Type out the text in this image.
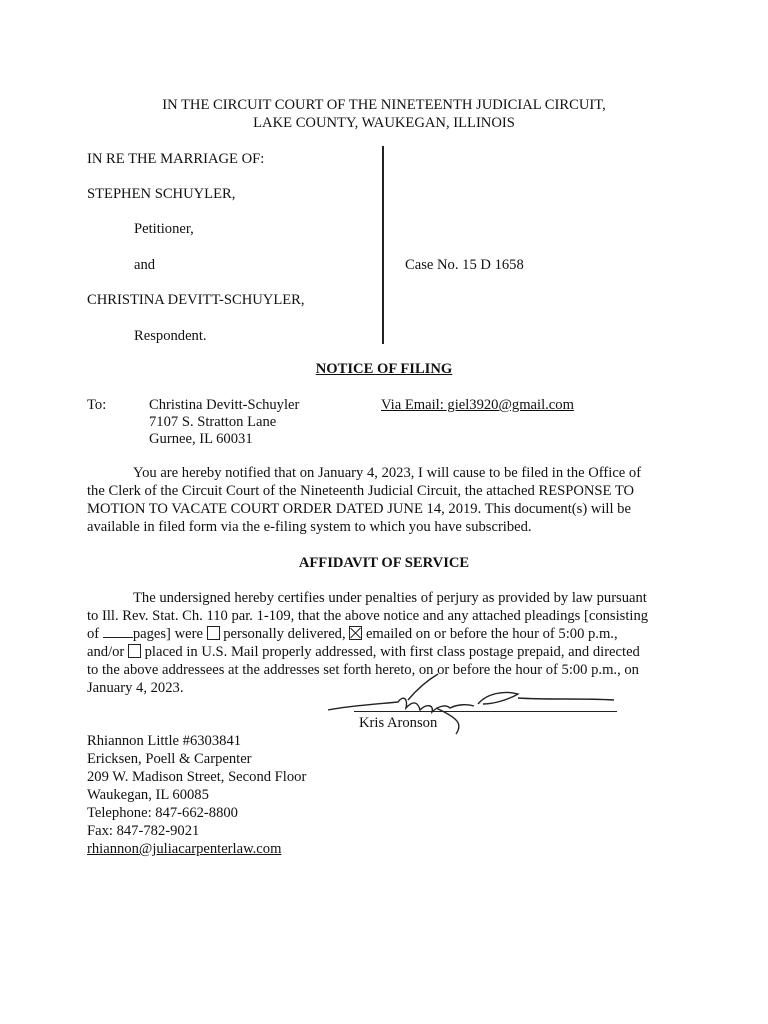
IN THE CIRCUIT COURT OF THE NINETEENTH JUDICIAL CIRCUIT,
LAKE COUNTY, WAUKEGAN, ILLINOIS
IN RE THE MARRIAGE OF:
STEPHEN SCHUYLER,
Petitioner,
and
CHRISTINA DEVITT-SCHUYLER,
Respondent.
Case No. 15 D 1658
NOTICE OF FILING
To:	Christina Devitt-Schuyler
7107 S. Stratton Lane
Gurnee, IL 60031
Via Email: giel3920@gmail.com

You are hereby notified that on January 4, 2023, I will cause to be filed in the Office of

the Clerk of the Circuit Court of the Nineteenth Judicial Circuit, the attached RESPONSE TO

MOTION TO VACATE COURT ORDER DATED JUNE 14, 2019. This document(s) will be

available in filed form via the e-filing system to which you have subscribed.

AFFIDAVIT OF SERVICE

The undersigned hereby certifies under penalties of perjury as provided by law pursuant

to Ill. Rev. Stat. Ch. 110 par. 1-109, that the above notice and any attached pleadings [consisting

of pages] were personally delivered, emailed on or before the hour of 5:00 p.m.,

and/or placed in U.S. Mail properly addressed, with first class postage prepaid, and directed

to the above addressees at the addresses set forth hereto, on or before the hour of 5:00 p.m., on

January 4, 2023.

Kris Aronson
Rhiannon Little #6303841
Ericksen, Poell & Carpenter
209 W. Madison Street, Second Floor
Waukegan, IL 60085
Telephone: 847-662-8800
Fax: 847-782-9021
rhiannon@juliacarpenterlaw.com
